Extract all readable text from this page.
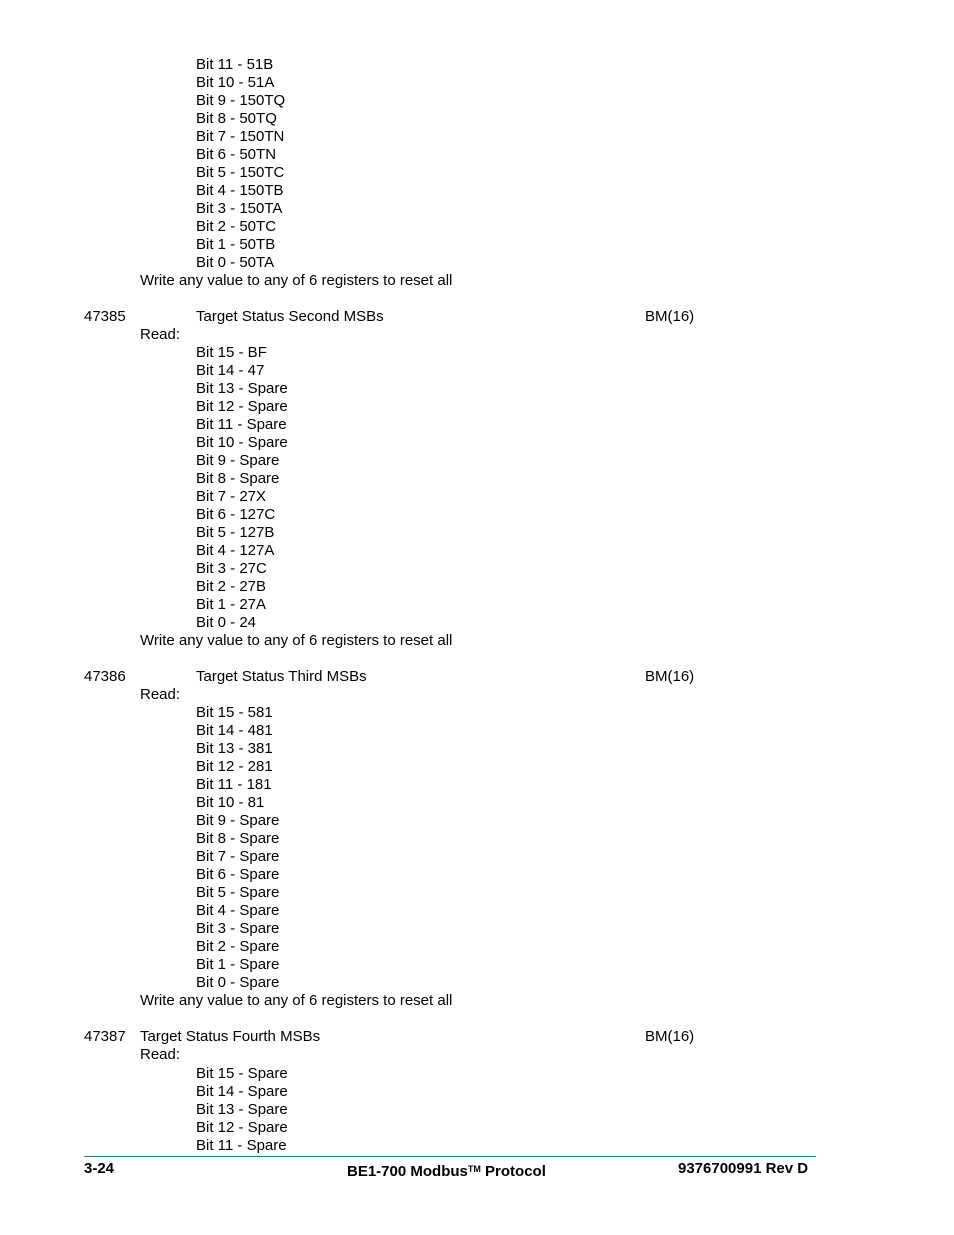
Bit 11 - 51B
Bit 10 - 51A
Bit 9 - 150TQ
Bit 8 - 50TQ
Bit 7 - 150TN
Bit 6 - 50TN
Bit 5 - 150TC
Bit 4 - 150TB
Bit 3 - 150TA
Bit 2 - 50TC
Bit 1 - 50TB
Bit 0 - 50TA
Write any value to any of 6 registers to reset all
47385	Target Status Second MSBs	BM(16)
Read:
Bit 15 - BF
Bit 14 - 47
Bit 13 - Spare
Bit 12 - Spare
Bit 11 - Spare
Bit 10 - Spare
Bit 9 - Spare
Bit 8 - Spare
Bit 7 - 27X
Bit 6 - 127C
Bit 5 - 127B
Bit 4 - 127A
Bit 3 - 27C
Bit 2 - 27B
Bit 1 - 27A
Bit 0 - 24
Write any value to any of 6 registers to reset all
47386	Target Status Third MSBs	BM(16)
Read:
Bit 15 - 581
Bit 14 - 481
Bit 13 - 381
Bit 12 - 281
Bit 11 - 181
Bit 10 - 81
Bit 9 - Spare
Bit 8 - Spare
Bit 7 - Spare
Bit 6 - Spare
Bit 5 - Spare
Bit 4 - Spare
Bit 3 - Spare
Bit 2 - Spare
Bit 1 - Spare
Bit 0 - Spare
Write any value to any of 6 registers to reset all
47387 Target Status Fourth MSBs	BM(16)
Read:
Bit 15 - Spare
Bit 14 - Spare
Bit 13 - Spare
Bit 12 - Spare
Bit 11 - Spare
3-24	BE1-700 Modbus™ Protocol	9376700991 Rev D
